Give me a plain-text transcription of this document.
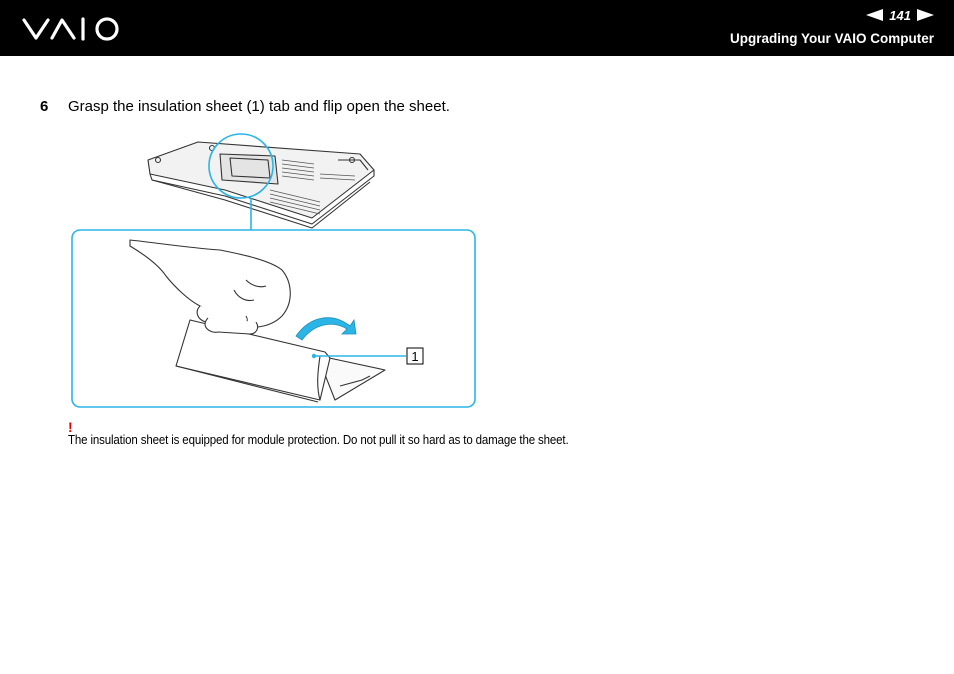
141
Upgrading Your VAIO Computer
6 Grasp the insulation sheet (1) tab and flip open the sheet.
1
!
The insulation sheet is equipped for module protection. Do not pull it so hard as to damage the sheet.
